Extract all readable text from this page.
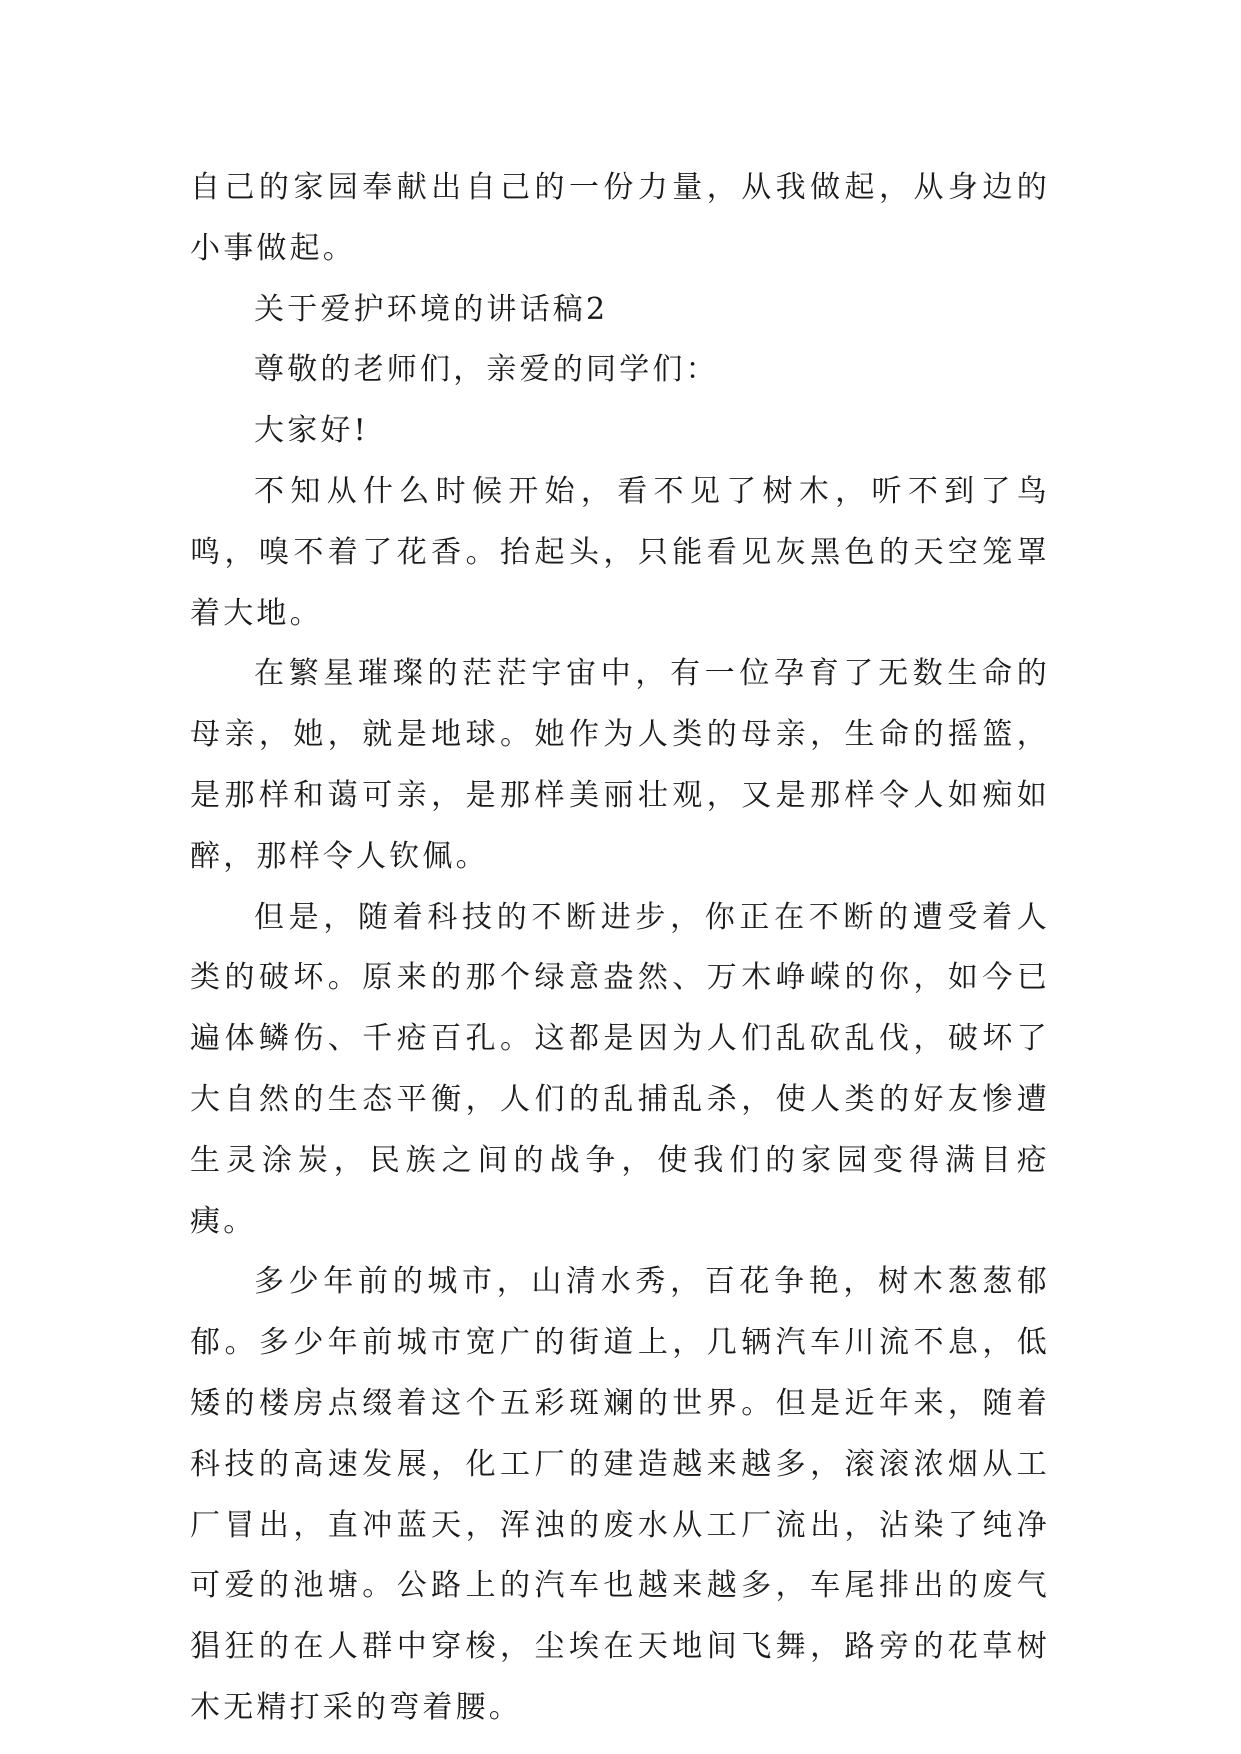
自己的家园奉献出自己的一份力量，从我做起，从身边的小事做起。

关于爱护环境的讲话稿2

尊敬的老师们，亲爱的同学们：

大家好!

不知从什么时候开始，看不见了树木，听不到了鸟鸣，嗅不着了花香。抬起头，只能看见灰黑色的天空笼罩着大地。

在繁星璀璨的茫茫宇宙中，有一位孕育了无数生命的母亲，她，就是地球。她作为人类的母亲，生命的摇篮，是那样和蔼可亲，是那样美丽壮观，又是那样令人如痴如醉，那样令人钦佩。

但是，随着科技的不断进步，你正在不断的遭受着人类的破坏。原来的那个绿意盎然、万木峥嵘的你，如今已遍体鳞伤、千疮百孔。这都是因为人们乱砍乱伐，破坏了大自然的生态平衡，人们的乱捕乱杀，使人类的好友惨遭生灵涂炭，民族之间的战争，使我们的家园变得满目疮痍。

多少年前的城市，山清水秀，百花争艳，树木葱葱郁郁。多少年前城市宽广的街道上，几辆汽车川流不息，低矮的楼房点缀着这个五彩斑斓的世界。但是近年来，随着科技的高速发展，化工厂的建造越来越多，滚滚浓烟从工厂冒出，直冲蓝天，浑浊的废水从工厂流出，沾染了纯净可爱的池塘。公路上的汽车也越来越多，车尾排出的废气猖狂的在人群中穿梭，尘埃在天地间飞舞，路旁的花草树木无精打采的弯着腰。
